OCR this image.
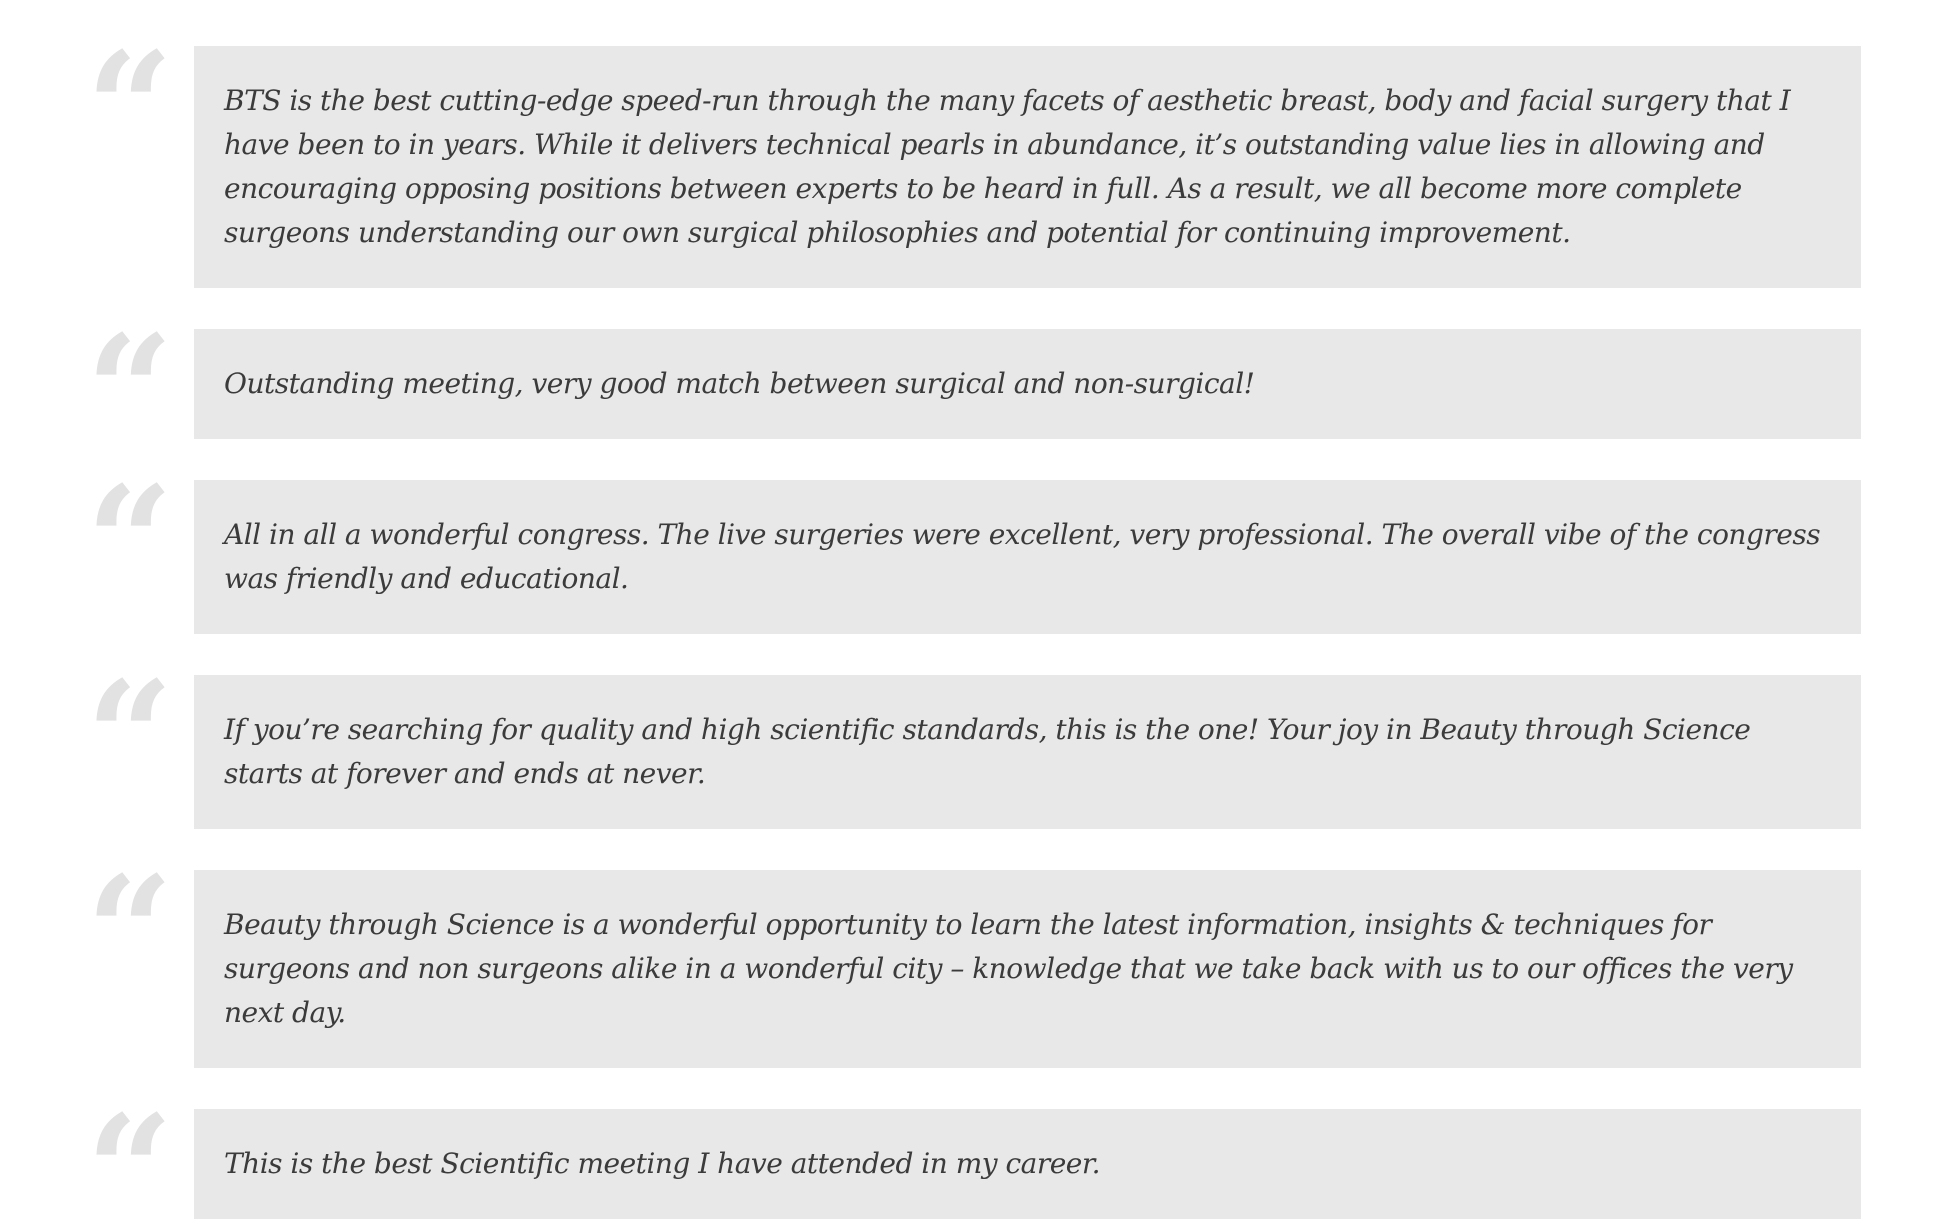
“ BTS is the best cutting-edge speed-run through the many facets of aesthetic breast, body and facial surgery that I have been to in years. While it delivers technical pearls in abundance, it’s outstanding value lies in allowing and encouraging opposing positions between experts to be heard in full. As a result, we all become more complete surgeons understanding our own surgical philosophies and potential for continuing improvement.

“ Outstanding meeting, very good match between surgical and non-surgical!

“ All in all a wonderful congress. The live surgeries were excellent, very professional. The overall vibe of the congress was friendly and educational.

“ If you’re searching for quality and high scientific standards, this is the one! Your joy in Beauty through Science starts at forever and ends at never.

“ Beauty through Science is a wonderful opportunity to learn the latest information, insights & techniques for surgeons and non surgeons alike in a wonderful city – knowledge that we take back with us to our offices the very next day.

“ This is the best Scientific meeting I have attended in my career.
